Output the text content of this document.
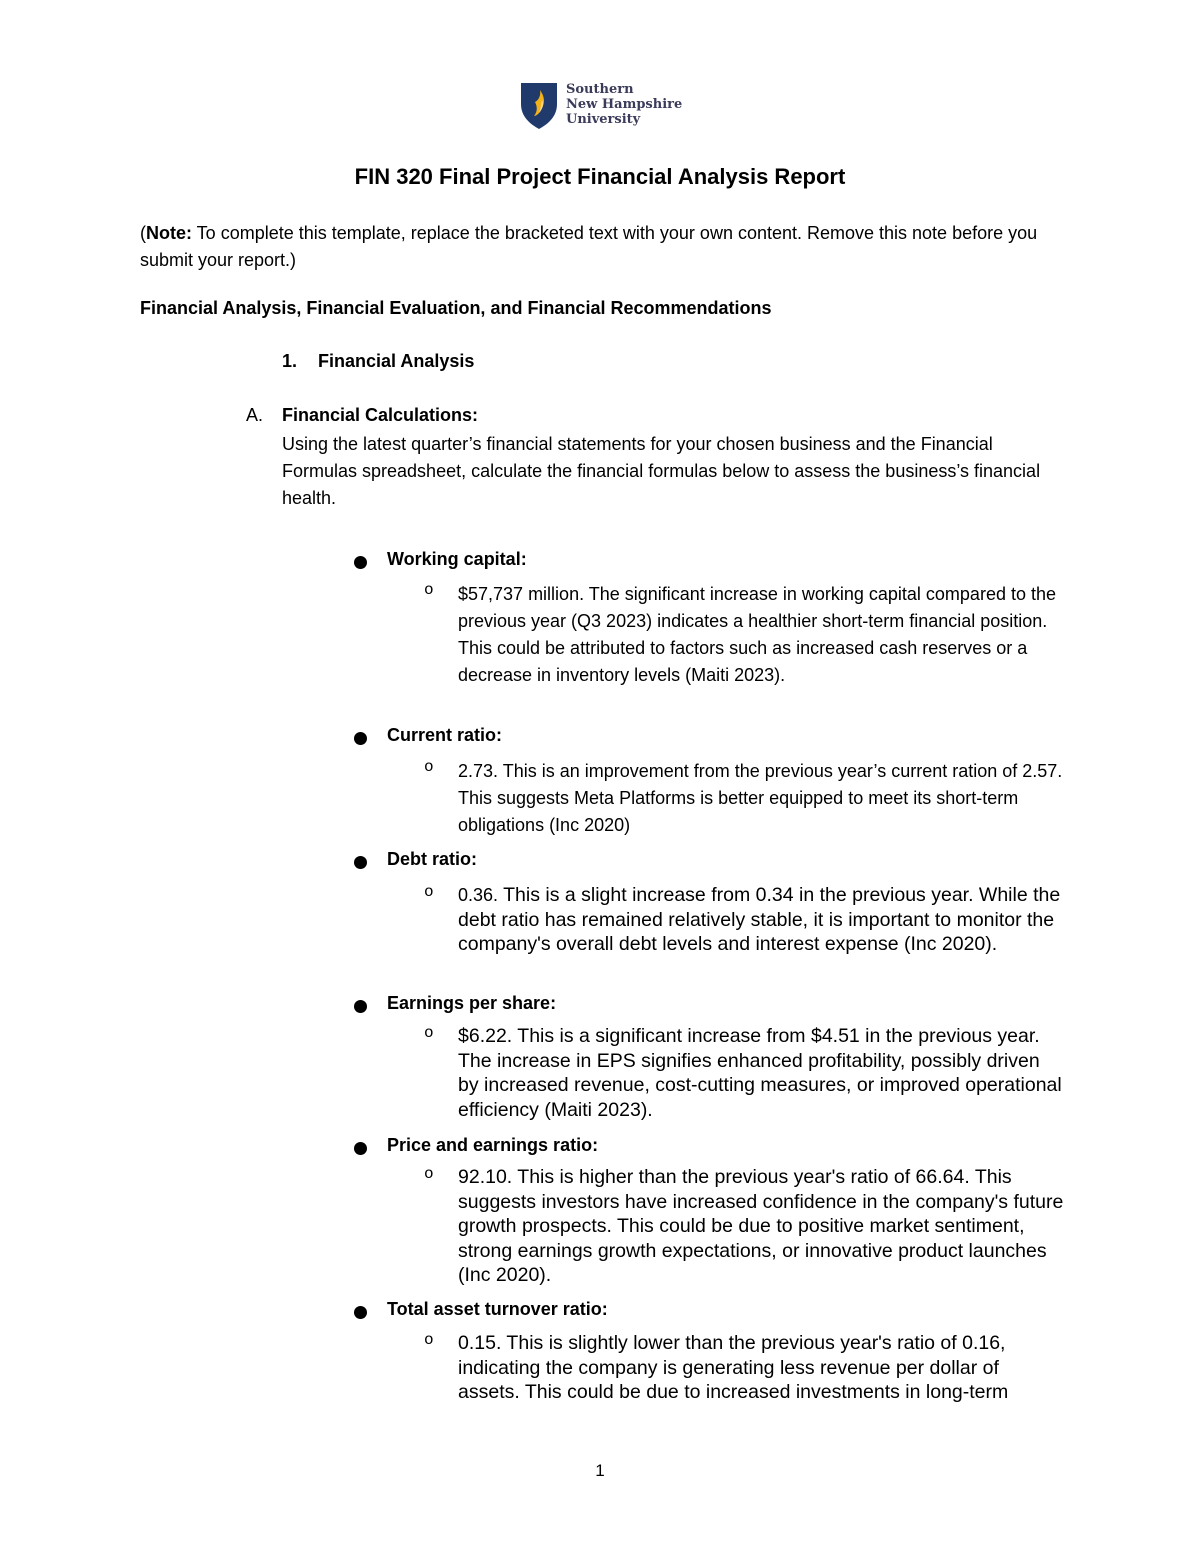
Southern
New Hampshire
University
FIN 320 Final Project Financial Analysis Report
(Note: To complete this template, replace the bracketed text with your own content. Remove this note before you submit your report.)
Financial Analysis, Financial Evaluation, and Financial Recommendations
1. Financial Analysis
A. Financial Calculations:
Using the latest quarter’s financial statements for your chosen business and the Financial Formulas spreadsheet, calculate the financial formulas below to assess the business’s financial health.
Working capital:
o
$57,737 million. The significant increase in working capital compared to the previous year (Q3 2023) indicates a healthier short-term financial position. This could be attributed to factors such as increased cash reserves or a decrease in inventory levels (Maiti 2023).
Current ratio:
o
2.73. This is an improvement from the previous year’s current ration of 2.57. This suggests Meta Platforms is better equipped to meet its short-term obligations (Inc 2020)
Debt ratio:
o
0.36. This is a slight increase from 0.34 in the previous year. While the debt ratio has remained relatively stable, it is important to monitor the company's overall debt levels and interest expense (Inc 2020).
Earnings per share:
o
$6.22. This is a significant increase from $4.51 in the previous year. The increase in EPS signifies enhanced profitability, possibly driven by increased revenue, cost-cutting measures, or improved operational efficiency (Maiti 2023).
Price and earnings ratio:
o
92.10. This is higher than the previous year's ratio of 66.64. This suggests investors have increased confidence in the company's future growth prospects. This could be due to positive market sentiment, strong earnings growth expectations, or innovative product launches (Inc 2020).
Total asset turnover ratio:
o
0.15. This is slightly lower than the previous year's ratio of 0.16, indicating the company is generating less revenue per dollar of assets. This could be due to increased investments in long-term
1
